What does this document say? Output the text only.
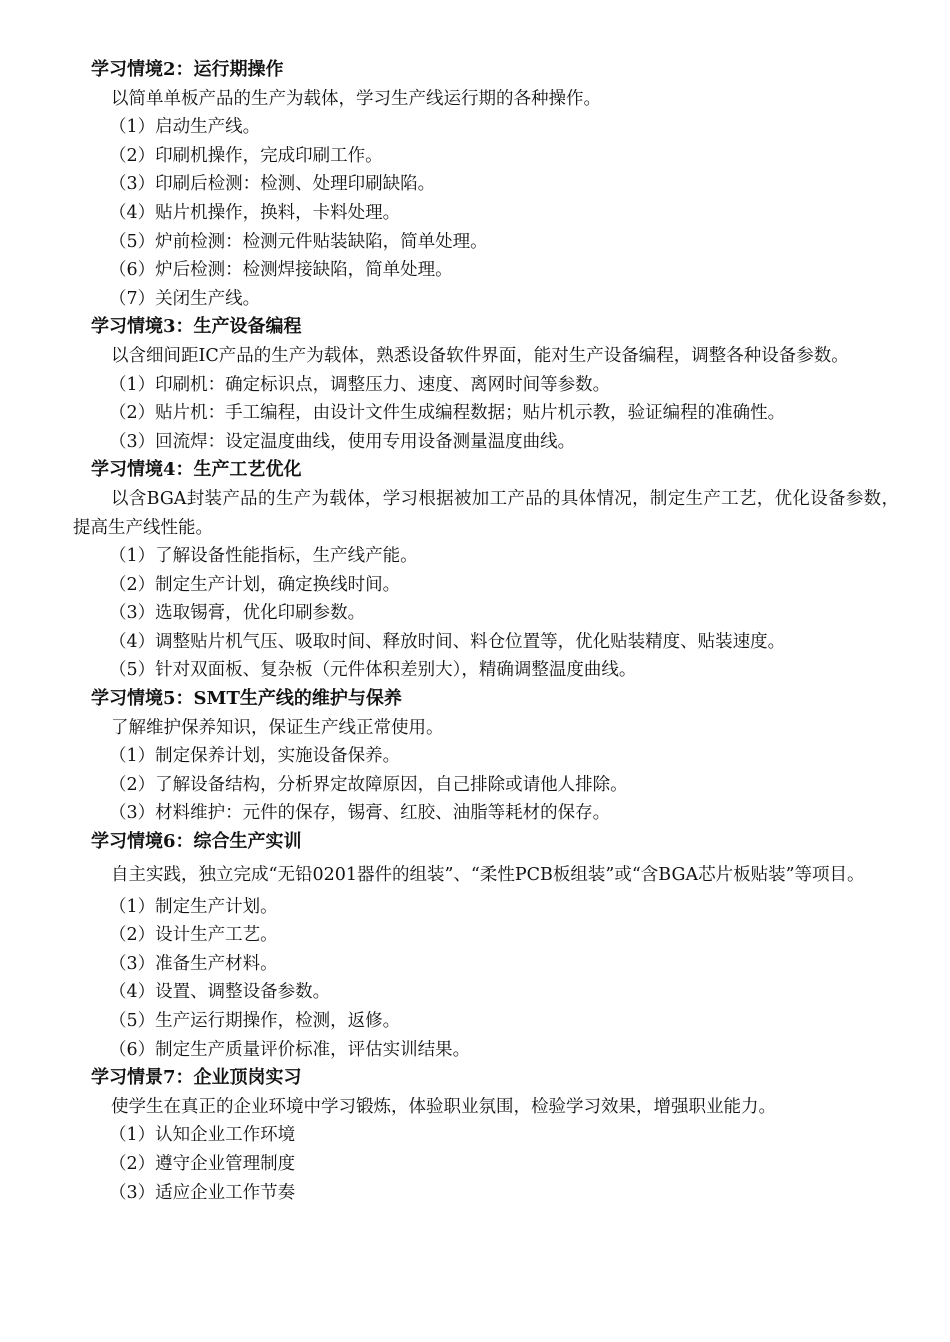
学习情境2：运行期操作

以简单单板产品的生产为载体，学习生产线运行期的各种操作。

（1）启动生产线。
（2）印刷机操作，完成印刷工作。
（3）印刷后检测：检测、处理印刷缺陷。
（4）贴片机操作，换料，卡料处理。
（5）炉前检测：检测元件贴装缺陷，简单处理。
（6）炉后检测：检测焊接缺陷，简单处理。
（7）关闭生产线。
学习情境3：生产设备编程

以含细间距IC产品的生产为载体，熟悉设备软件界面，能对生产设备编程，调整各种设备参数。

（1）印刷机：确定标识点，调整压力、速度、离网时间等参数。
（2）贴片机：手工编程，由设计文件生成编程数据；贴片机示教，验证编程的准确性。
（3）回流焊：设定温度曲线，使用专用设备测量温度曲线。
学习情境4：生产工艺优化

以含BGA封装产品的生产为载体，学习根据被加工产品的具体情况，制定生产工艺，优化设备参数，提高生产线性能。

（1）了解设备性能指标，生产线产能。
（2）制定生产计划，确定换线时间。
（3）选取锡膏，优化印刷参数。
（4）调整贴片机气压、吸取时间、释放时间、料仓位置等，优化贴装精度、贴装速度。
（5）针对双面板、复杂板（元件体积差别大），精确调整温度曲线。
学习情境5：SMT生产线的维护与保养

了解维护保养知识，保证生产线正常使用。

（1）制定保养计划，实施设备保养。
（2）了解设备结构，分析界定故障原因，自己排除或请他人排除。
（3）材料维护：元件的保存，锡膏、红胶、油脂等耗材的保存。
学习情境6：综合生产实训

自主实践，独立完成“无铅0201器件的组装”、“柔性PCB板组装”或“含BGA芯片板贴装”等项目。

（1）制定生产计划。
（2）设计生产工艺。
（3）准备生产材料。
（4）设置、调整设备参数。
（5）生产运行期操作，检测，返修。
（6）制定生产质量评价标准，评估实训结果。
学习情景7：企业顶岗实习

使学生在真正的企业环境中学习锻炼，体验职业氛围，检验学习效果，增强职业能力。

（1）认知企业工作环境
（2）遵守企业管理制度
（3）适应企业工作节奏
